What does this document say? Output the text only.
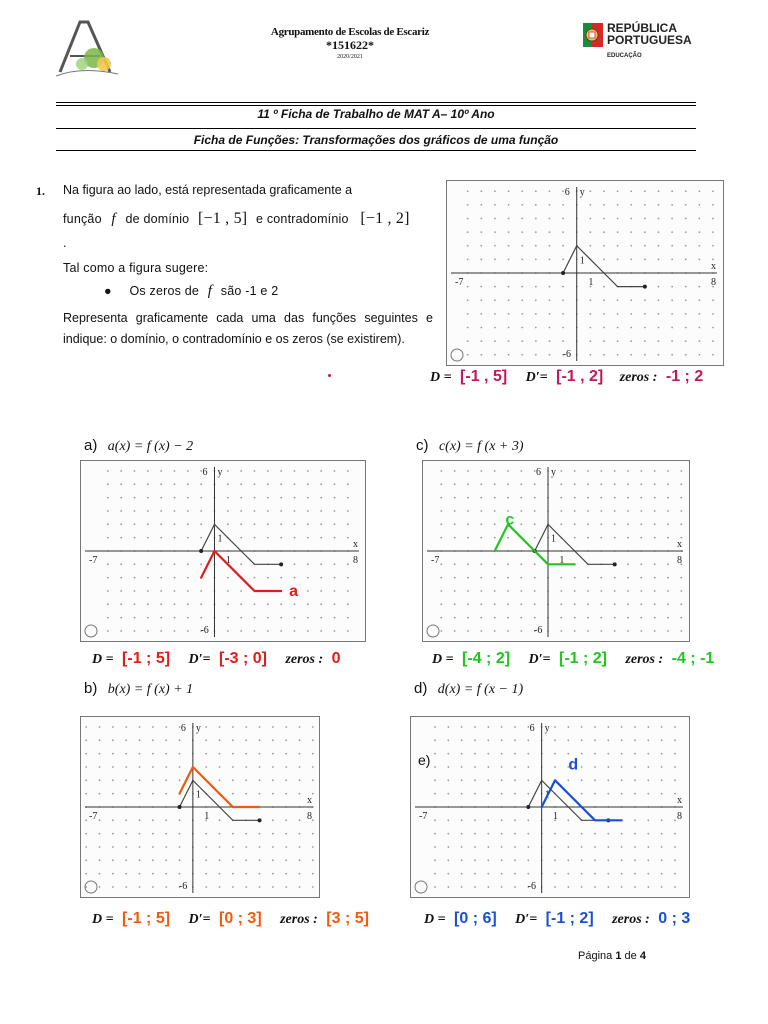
Agrupamento de Escolas de Escariz
*151622*
2020/2021
REPÚBLICA
PORTUGUESA
EDUCAÇÃO
11 º Ficha de Trabalho de MAT A– 10º Ano
Ficha de Funções: Transformações dos gráficos de uma função
1. Na figura ao lado, está representada graficamente a
função f de domínio [−1 , 5] e contradomínio [−1 , 2]
.
Tal como a figura sugere:
● Os zeros de f são -1 e 2
Representa graficamente cada uma das funções seguintes e indique: o domínio, o contradomínio e os zeros (se existirem).
6 y
1
-6
-7	1
x
8
D = [-1 , 5] D′= [-1 , 2] zeros : -1 ; 2
a) a(x) = f (x) − 2
6 y
1
-6
-7	1
x
8
a
D = [-1 ; 5] D′= [-3 ; 0] zeros : 0
c) c(x) = f (x + 3)
6 y
1
-6
-7	1
x
8
c
D = [-4 ; 2] D′= [-1 ; 2] zeros : -4 ; -1
b) b(x) = f (x) + 1
6 y
1
-6
-7	1
x
8
D = [-1 ; 5] D′= [0 ; 3] zeros : [3 ; 5]
d) d(x) = f (x − 1)
6 y
1
-6
-7	1
x
8
d
e)
D = [0 ; 6] D′= [-1 ; 2] zeros : 0 ; 3
Página 1 de 4
